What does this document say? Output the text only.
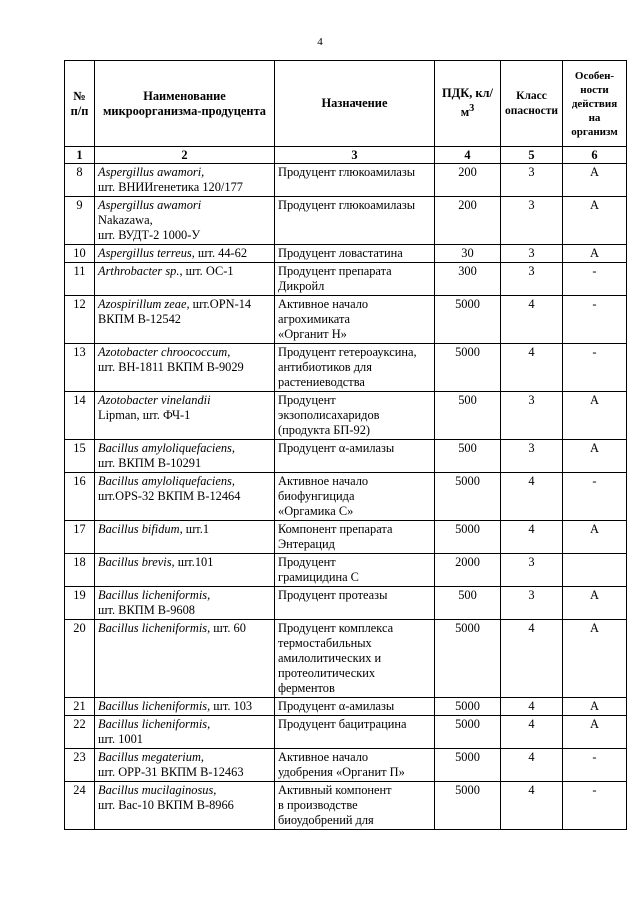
4
№ п/п	Наименование микроорганизма-продуцента	Назначение	ПДК, $кл/м^3$	Класс опасности	Особен-ности действия на организм
1	2	3	4	5	6
8	Aspergillus awamori,
шт. ВНИИгенетика 120/177	Продуцент глюкоамилазы	200	3	А
9	Aspergillus awamori
Nakazawa,
шт. ВУДТ-2 1000-У	Продуцент глюкоамилазы	200	3	А
10	Aspergillus terreus, шт. 44-62	Продуцент ловастатина	30	3	А
11	Arthrobacter sp., шт. ОС-1	Продуцент препарата
Дикройл	300	3	-
12	Azospirillum zeae, шт.OPN-14
ВКПМ В-12542	Активное начало
агрохимиката
«Органит Н»	5000	4	-
13	Azotobacter chroococcum,
шт. ВН-1811 ВКПМ В-9029	Продуцент гетероауксина,
антибиотиков для
растениеводства	5000	4	-
14	Azotobacter vinelandii
Lipman, шт. ФЧ-1	Продуцент
экзополисахаридов
(продукта БП-92)	500	3	А
15	Bacillus amyloliquefaciens,
шт. ВКПМ В-10291	Продуцент α-амилазы	500	3	А
16	Bacillus amyloliquefaciens,
шт.OPS-32 ВКПМ В-12464	Активное начало
биофунгицида
«Оргамика С»	5000	4	-
17	Bacillus bifidum, шт.1	Компонент препарата
Энтерацид	5000	4	А
18	Bacillus brevis, шт.101	Продуцент
грамицидина С	2000	3	
19	Bacillus licheniformis,
шт. ВКПМ В-9608	Продуцент протеазы	500	3	А
20	Bacillus licheniformis, шт. 60	Продуцент комплекса
термостабильных
амилолитических и
протеолитических
ферментов	5000	4	А
21	Bacillus licheniformis, шт. 103	Продуцент α-амилазы	5000	4	А
22	Bacillus licheniformis,
шт. 1001	Продуцент бацитрацина	5000	4	А
23	Bacillus megaterium,
шт. ОРР-31 ВКПМ В-12463	Активное начало
удобрения «Органит П»	5000	4	-
24	Bacillus mucilaginosus,
шт. Вас-10 ВКПМ В-8966	Активный компонент
в производстве
биоудобрений для	5000	4	-
